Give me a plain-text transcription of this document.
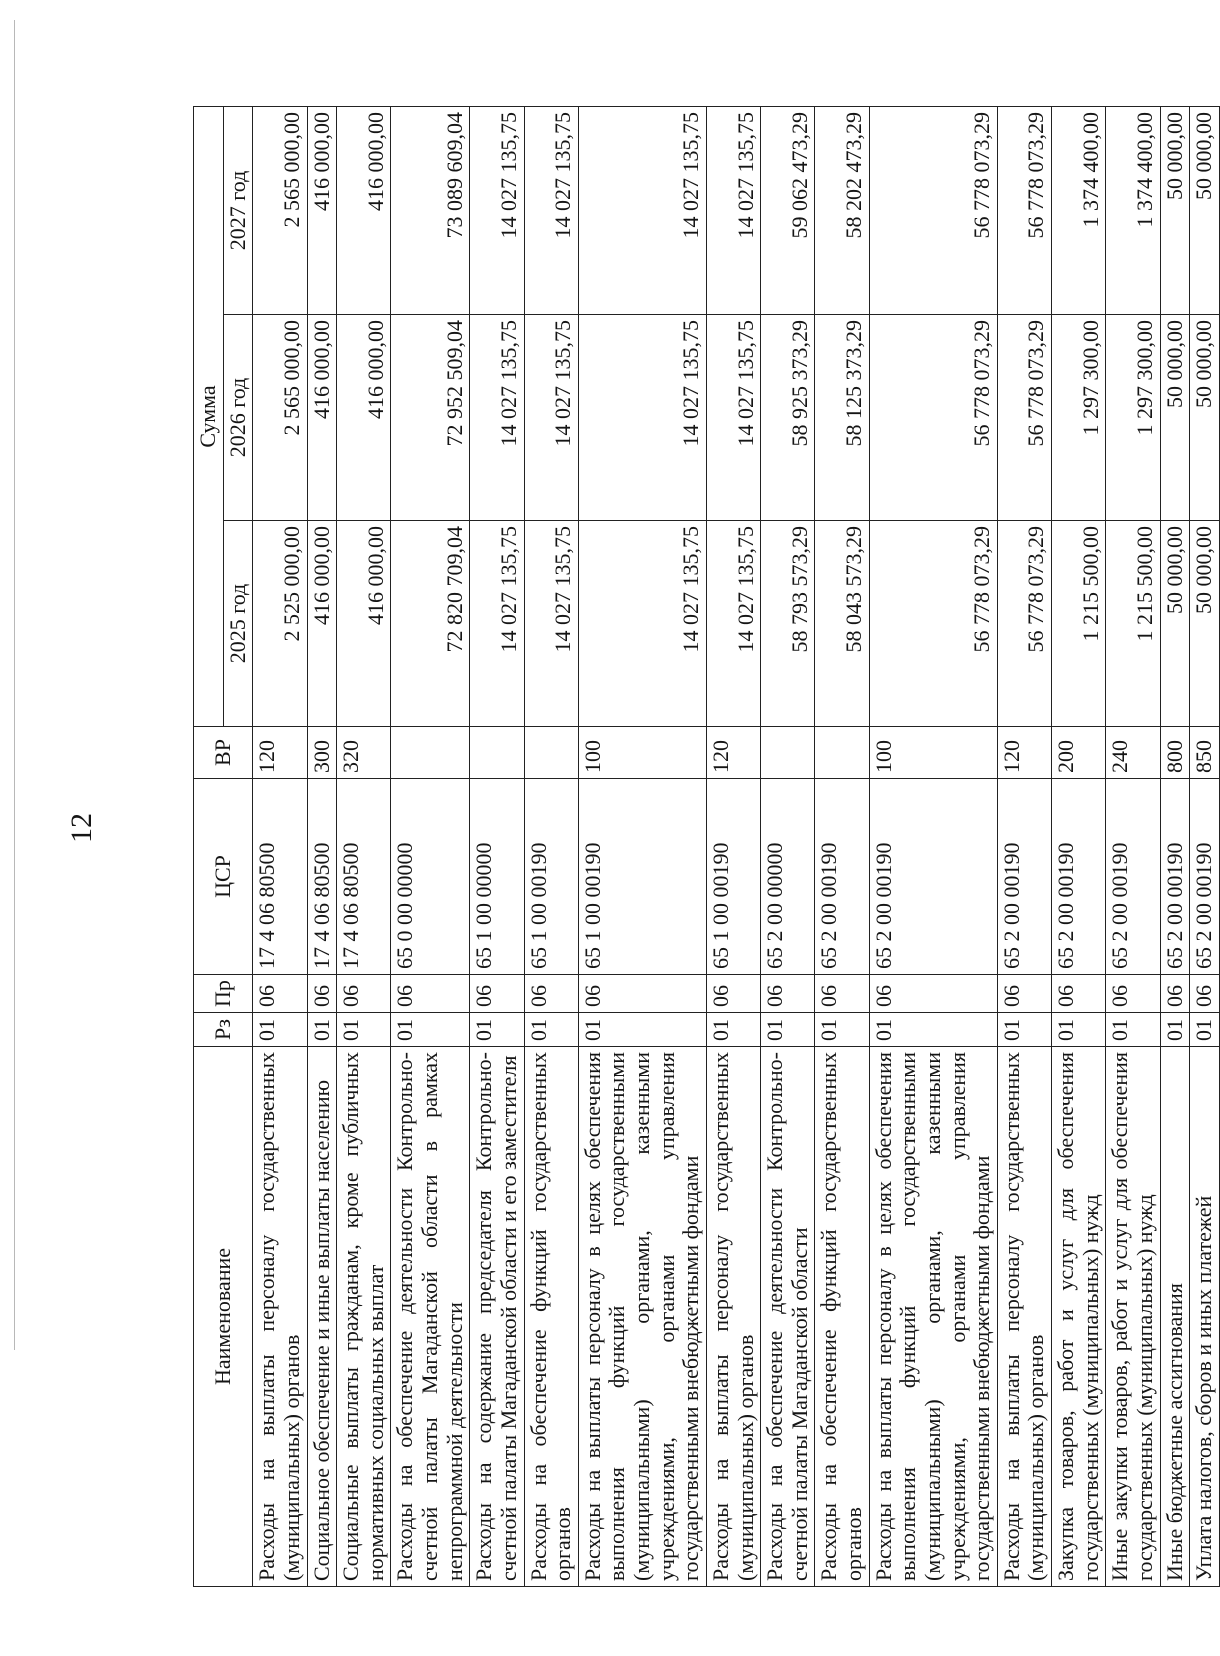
12
Наименование	Рз	Пр	ЦСР	ВР	Сумма		
					2025 год	2026 год	2027 год
Расходы на выплаты персоналу государственных (муниципальных) органов	01	06	17 4 06 80500	120	2 525 000,00	2 565 000,00	2 565 000,00
Социальное обеспечение и иные выплаты населению	01	06	17 4 06 80500	300	416 000,00	416 000,00	416 000,00
Социальные выплаты гражданам, кроме публичных нормативных социальных выплат	01	06	17 4 06 80500	320	416 000,00	416 000,00	416 000,00
Расходы на обеспечение деятельности Контрольно-счетной палаты Магаданской области в рамках непрограммной деятельности	01	06	65 0 00 00000		72 820 709,04	72 952 509,04	73 089 609,04
Расходы на содержание председателя Контрольно-счетной палаты Магаданской области и его заместителя	01	06	65 1 00 00000		14 027 135,75	14 027 135,75	14 027 135,75
Расходы на обеспечение функций государственных органов	01	06	65 1 00 00190		14 027 135,75	14 027 135,75	14 027 135,75
Расходы на выплаты персоналу в целях обеспечения выполнения функций государственными (муниципальными) органами, казенными учреждениями, органами управления государственными внебюджетными фондами	01	06	65 1 00 00190	100	14 027 135,75	14 027 135,75	14 027 135,75
Расходы на выплаты персоналу государственных (муниципальных) органов	01	06	65 1 00 00190	120	14 027 135,75	14 027 135,75	14 027 135,75
Расходы на обеспечение деятельности Контрольно-счетной палаты Магаданской области	01	06	65 2 00 00000		58 793 573,29	58 925 373,29	59 062 473,29
Расходы на обеспечение функций государственных органов	01	06	65 2 00 00190		58 043 573,29	58 125 373,29	58 202 473,29
Расходы на выплаты персоналу в целях обеспечения выполнения функций государственными (муниципальными) органами, казенными учреждениями, органами управления государственными внебюджетными фондами	01	06	65 2 00 00190	100	56 778 073,29	56 778 073,29	56 778 073,29
Расходы на выплаты персоналу государственных (муниципальных) органов	01	06	65 2 00 00190	120	56 778 073,29	56 778 073,29	56 778 073,29
Закупка товаров, работ и услуг для обеспечения государственных (муниципальных) нужд	01	06	65 2 00 00190	200	1 215 500,00	1 297 300,00	1 374 400,00
Иные закупки товаров, работ и услуг для обеспечения государственных (муниципальных) нужд	01	06	65 2 00 00190	240	1 215 500,00	1 297 300,00	1 374 400,00
Иные бюджетные ассигнования	01	06	65 2 00 00190	800	50 000,00	50 000,00	50 000,00
Уплата налогов, сборов и иных платежей	01	06	65 2 00 00190	850	50 000,00	50 000,00	50 000,00
